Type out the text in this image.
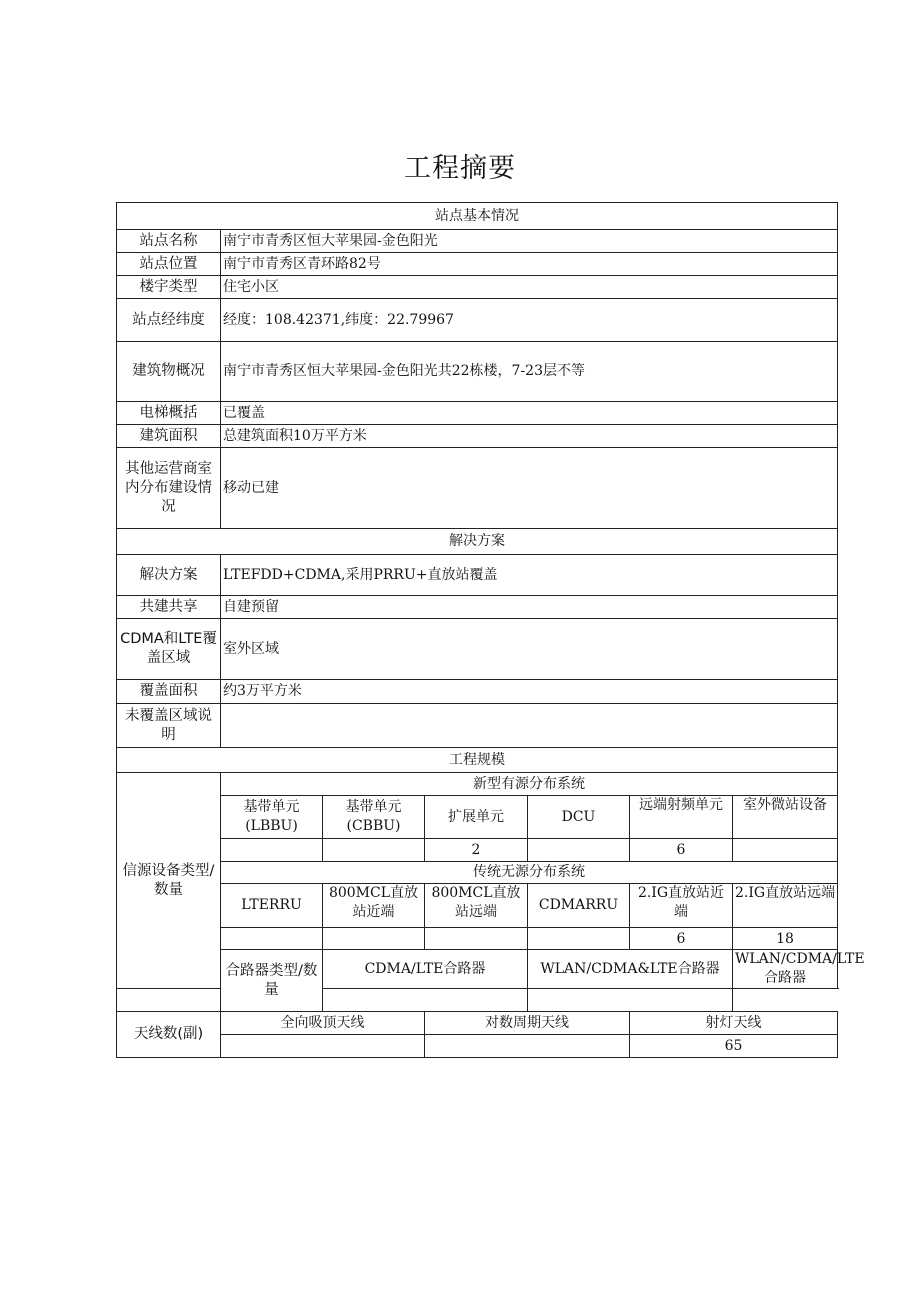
工程摘要
站点基本情况						
站点名称	南宁市青秀区恒大苹果园-金色阳光					
站点位置	南宁市青秀区青环路82号					
楼宇类型	住宅小区					
站点经纬度	经度：108.42371,纬度：22.79967					
建筑物概况	南宁市青秀区恒大苹果园-金色阳光共22栋楼，7-23层不等					
电梯概括	已覆盖					
建筑面积	总建筑面积10万平方米					
其他运营商室内分布建设情况	移动已建					
解决方案						
解决方案	LTEFDD+CDMA,采用PRRU+直放站覆盖					
共建共享	自建预留					
CDMA和LTE覆盖区域	室外区域					
覆盖面积	约3万平方米					
未覆盖区域说明						
工程规模						
信源设备类型/数量	新型有源分布系统					
	基带单元(LBBU)	基带单元(CBBU)	扩展单元	DCU	远端射频单元	室外微站设备
			2		6	
	传统无源分布系统					
	LTERRU	800MCL直放站近端	800MCL直放站远端	CDMARRU	2.IG直放站近端	2.IG直放站远端
					6	18
	合路器类型/数量	CDMA/LTE合路器		WLAN/CDMA&LTE合路器		WLAN∕CDMA∕LTE合路器

天线数(副)	全向吸顶天线		对数周期天线		射灯天线	
					65	
